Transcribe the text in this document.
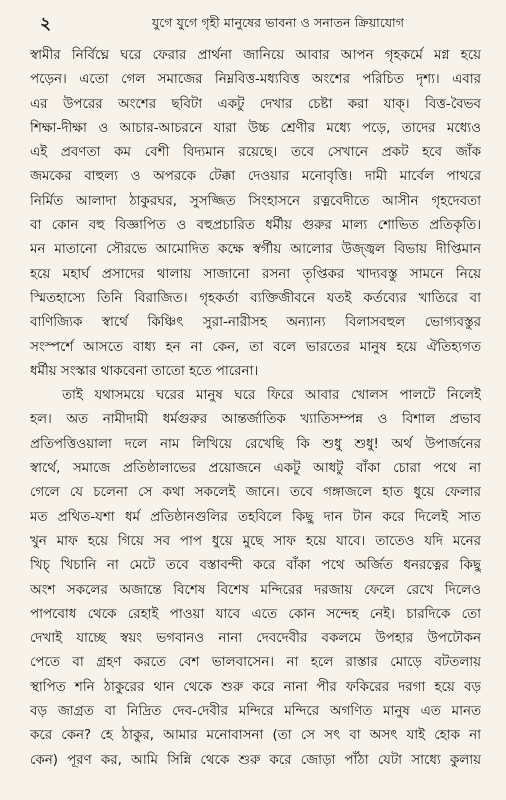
২	যুগে যুগে গৃহী মানুষের ভাবনা ও সনাতন ক্রিয়াযোগ
স্বামীর নির্বিঘ্নে ঘরে ফেরার প্রার্থনা জানিয়ে আবার আপন গৃহকর্মে মগ্ন হয়ে
পড়েন। এতো গেল সমাজের নিম্নবিত্ত-মধ্যবিত্ত অংশের পরিচিত দৃশ্য। এবার
এর উপরের অংশের ছবিটা একটু দেখার চেষ্টা করা যাক্‌। বিত্ত-বৈভব
শিক্ষা-দীক্ষা ও আচার-আচরনে যারা উচ্চ শ্রেণীর মধ্যে পড়ে, তাদের মধ্যেও
এই প্রবণতা কম বেশী বিদ্যমান রয়েছে। তবে সেখানে প্রকট হবে জাঁক
জমকের বাহুল্য ও অপরকে টেক্কা দেওয়ার মনোবৃত্তি। দামী মার্বেল পাথরে
নির্মিত আলাদা ঠাকুরঘর, সুসজ্জিত সিংহাসনে রত্নবেদীতে আসীন গৃহদেবতা
বা কোন বহু বিজ্ঞাপিত ও বহুপ্রচারিত ধর্মীয় গুরুর মাল্য শোভিত প্রতিকৃতি।
মন মাতানো সৌরভে আমোদিত কক্ষে স্বর্গীয় আলোর উজ্জ্বল বিভায় দীপ্তিমান
হয়ে মহার্ঘ প্রসাদের থালায় সাজানো রসনা তৃপ্তিকর খাদ্যবস্তু সামনে নিয়ে
স্মিতহাস্যে তিনি বিরাজিত। গৃহকর্তা ব্যক্তিজীবনে যতই কর্তব্যের খাতিরে বা
বাণিজ্যিক স্বার্থে কিঞ্চিৎ সুরা-নারীসহ অন্যান্য বিলাসবহুল ভোগ্যবস্তুর
সংস্পর্শে আসতে বাধ্য হন না কেন, তা বলে ভারতের মানুষ হয়ে ঐতিহ্যগত
ধর্মীয় সংস্কার থাকবেনা তাতো হতে পারেনা।
তাই যথাসময়ে ঘরের মানুষ ঘরে ফিরে আবার খোলস পালটে নিলেই
হল। অত নামীদামী ধর্মগুরুর আন্তর্জাতিক খ্যাতিসম্পন্ন ও বিশাল প্রভাব
প্রতিপত্তিওয়ালা দলে নাম লিখিয়ে রেখেছি কি শুধু শুধু! অর্থ উপার্জনের
স্বার্থে, সমাজে প্রতিষ্ঠালাভের প্রয়োজনে একটু আধটু বাঁকা চোরা পথে না
গেলে যে চলেনা সে কথা সকলেই জানে। তবে গঙ্গাজলে হাত ধুয়ে ফেলার
মত প্রথিত-যশা ধর্ম প্রতিষ্ঠানগুলির তহবিলে কিছু দান টান করে দিলেই সাত
খুন মাফ হয়ে গিয়ে সব পাপ ধুয়ে মুছে সাফ হয়ে যাবে। তাতেও যদি মনের
খিচ্‌ খিচানি না মেটে তবে বস্তাবন্দী করে বাঁকা পথে অর্জিত ধনরত্নের কিছু
অংশ সকলের অজান্তে বিশেষ বিশেষ মন্দিরের দরজায় ফেলে রেখে দিলেও
পাপবোধ থেকে রেহাই পাওয়া যাবে এতে কোন সন্দেহ নেই। চারদিকে তো
দেখাই যাচ্ছে স্বয়ং ভগবানও নানা দেবদেবীর বকলমে উপহার উপঢৌকন
পেতে বা গ্রহণ করতে বেশ ভালবাসেন। না হলে রাস্তার মোড়ে বটতলায়
স্থাপিত শনি ঠাকুরের থান থেকে শুরু করে নানা পীর ফকিরের দরগা হয়ে বড়
বড় জাগ্রত বা নিদ্রিত দেব-দেবীর মন্দিরে মন্দিরে অগণিত মানুষ এত মানত
করে কেন? হে ঠাকুর, আমার মনোবাসনা (তা সে সৎ বা অসৎ যাই হোক না
কেন) পূরণ কর, আমি সিন্নি থেকে শুরু করে জোড়া পাঁঠা যেটা সাধ্যে কুলায়
